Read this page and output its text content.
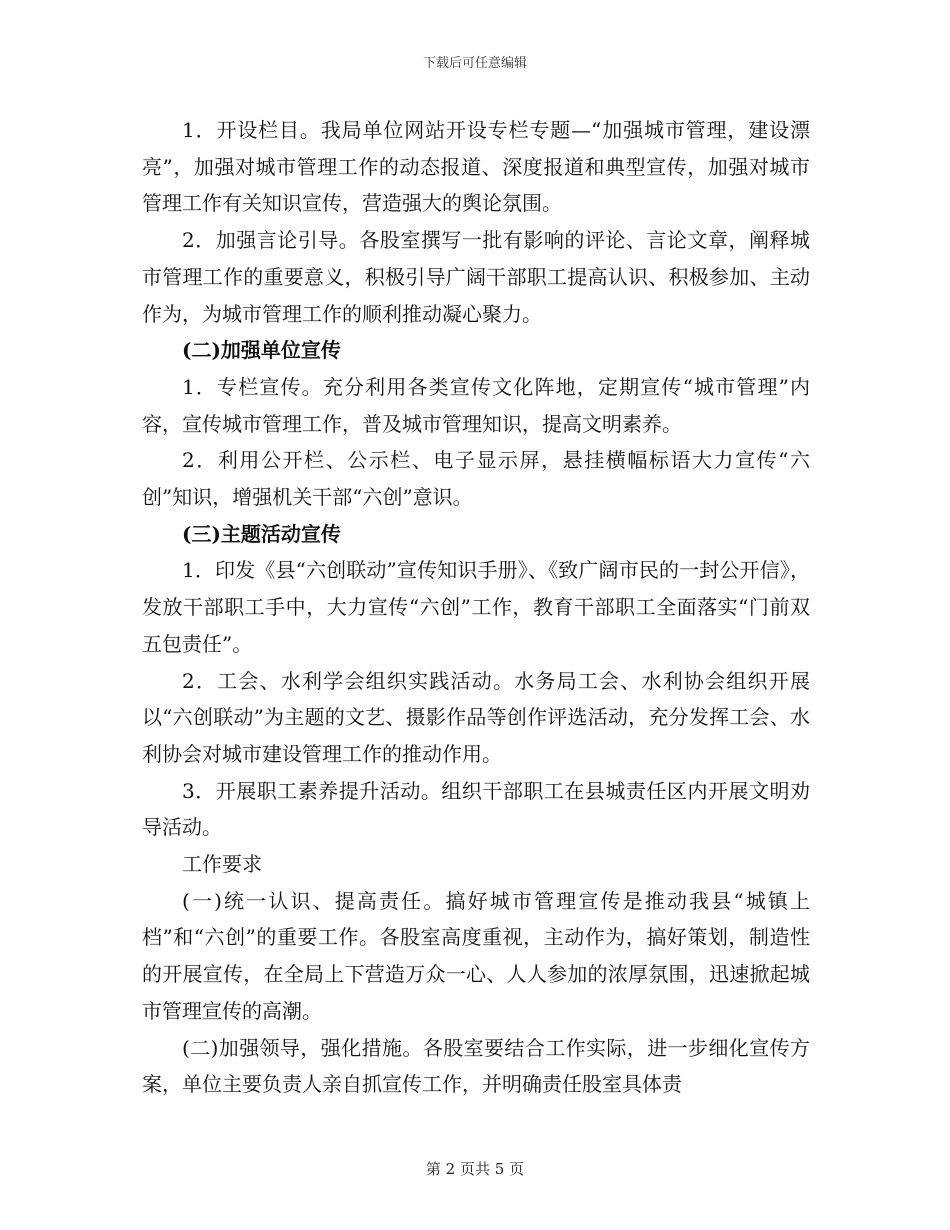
下载后可任意编辑

1．开设栏目。我局单位网站开设专栏专题—“加强城市管理，建设漂亮”，加强对城市管理工作的动态报道、深度报道和典型宣传，加强对城市管理工作有关知识宣传，营造强大的舆论氛围。

2．加强言论引导。各股室撰写一批有影响的评论、言论文章，阐释城市管理工作的重要意义，积极引导广阔干部职工提高认识、积极参加、主动作为，为城市管理工作的顺利推动凝心聚力。

(二)加强单位宣传

1．专栏宣传。充分利用各类宣传文化阵地，定期宣传“城市管理”内容，宣传城市管理工作，普及城市管理知识，提高文明素养。

2．利用公开栏、公示栏、电子显示屏，悬挂横幅标语大力宣传“六创”知识，增强机关干部“六创”意识。

(三)主题活动宣传

1．印发《县“六创联动”宣传知识手册》、《致广阔市民的一封公开信》，发放干部职工手中，大力宣传“六创”工作，教育干部职工全面落实“门前双五包责任”。

2．工会、水利学会组织实践活动。水务局工会、水利协会组织开展以“六创联动”为主题的文艺、摄影作品等创作评选活动，充分发挥工会、水利协会对城市建设管理工作的推动作用。

3．开展职工素养提升活动。组织干部职工在县城责任区内开展文明劝导活动。

工作要求

(一)统一认识、提高责任。搞好城市管理宣传是推动我县“城镇上档”和“六创”的重要工作。各股室高度重视，主动作为，搞好策划，制造性的开展宣传，在全局上下营造万众一心、人人参加的浓厚氛围，迅速掀起城市管理宣传的高潮。

(二)加强领导，强化措施。各股室要结合工作实际，进一步细化宣传方案，单位主要负责人亲自抓宣传工作，并明确责任股室具体责

第 2 页共 5 页
